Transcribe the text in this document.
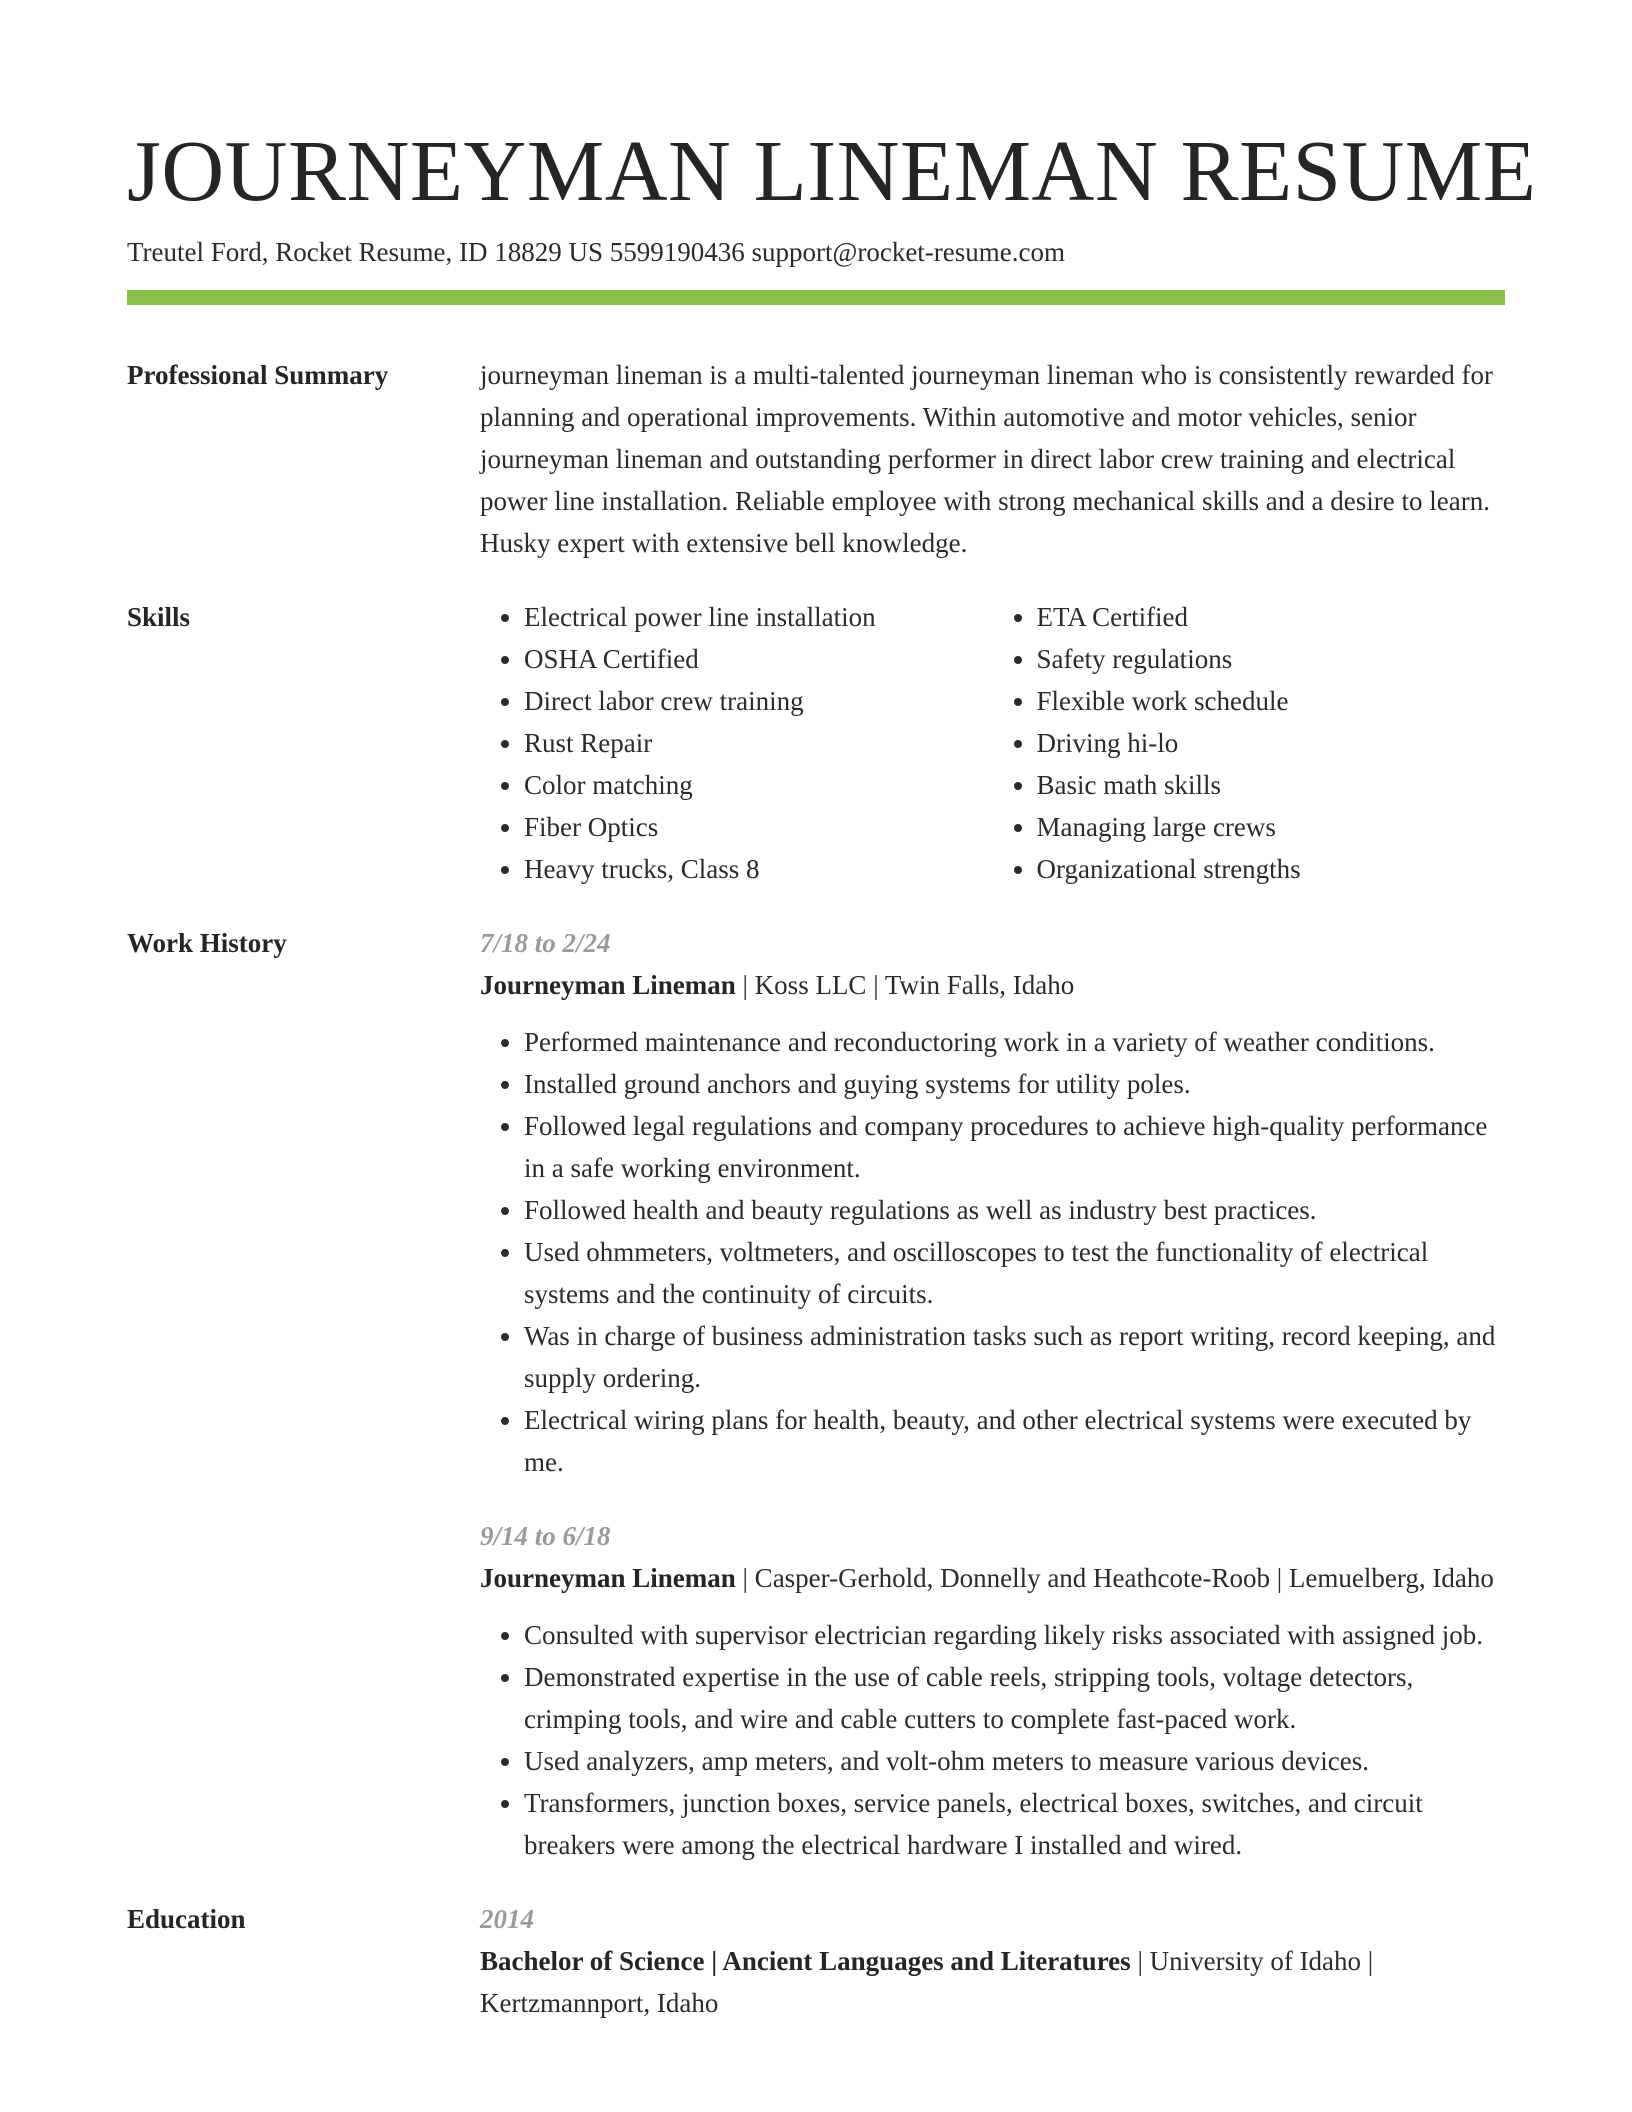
JOURNEYMAN LINEMAN RESUME
Treutel Ford, Rocket Resume, ID 18829 US 5599190436 support@rocket-resume.com
Professional Summary	journeyman lineman is a multi-talented journeyman lineman who is consistently rewarded for planning and operational improvements. Within automotive and motor vehicles, senior journeyman lineman and outstanding performer in direct labor crew training and electrical power line installation. Reliable employee with strong mechanical skills and a desire to learn. Husky expert with extensive bell knowledge.
Skills
•	Electrical power line installation
• OSHA Certified
• Direct labor crew training
• Rust Repair
• Color matching
• Fiber Optics
• Heavy trucks, Class 8
• ETA Certified
• Safety regulations
• Flexible work schedule
• Driving hi-lo
• Basic math skills
• Managing large crews
• Organizational strengths
Work History	7/18 to 2/24
Journeyman Lineman | Koss LLC | Twin Falls, Idaho
• Performed maintenance and reconductoring work in a variety of weather conditions.
• Installed ground anchors and guying systems for utility poles.
• Followed legal regulations and company procedures to achieve high-quality performance in a safe working environment.
• Followed health and beauty regulations as well as industry best practices.
• Used ohmmeters, voltmeters, and oscilloscopes to test the functionality of electrical systems and the continuity of circuits.
• Was in charge of business administration tasks such as report writing, record keeping, and supply ordering.
• Electrical wiring plans for health, beauty, and other electrical systems were executed by me.
9/14 to 6/18
Journeyman Lineman | Casper-Gerhold, Donnelly and Heathcote-Roob | Lemuelberg, Idaho
• Consulted with supervisor electrician regarding likely risks associated with assigned job.
• Demonstrated expertise in the use of cable reels, stripping tools, voltage detectors, crimping tools, and wire and cable cutters to complete fast-paced work.
• Used analyzers, amp meters, and volt-ohm meters to measure various devices.
• Transformers, junction boxes, service panels, electrical boxes, switches, and circuit breakers were among the electrical hardware I installed and wired.
Education	2014
Bachelor of Science | Ancient Languages and Literatures | University of Idaho | Kertzmannport, Idaho
